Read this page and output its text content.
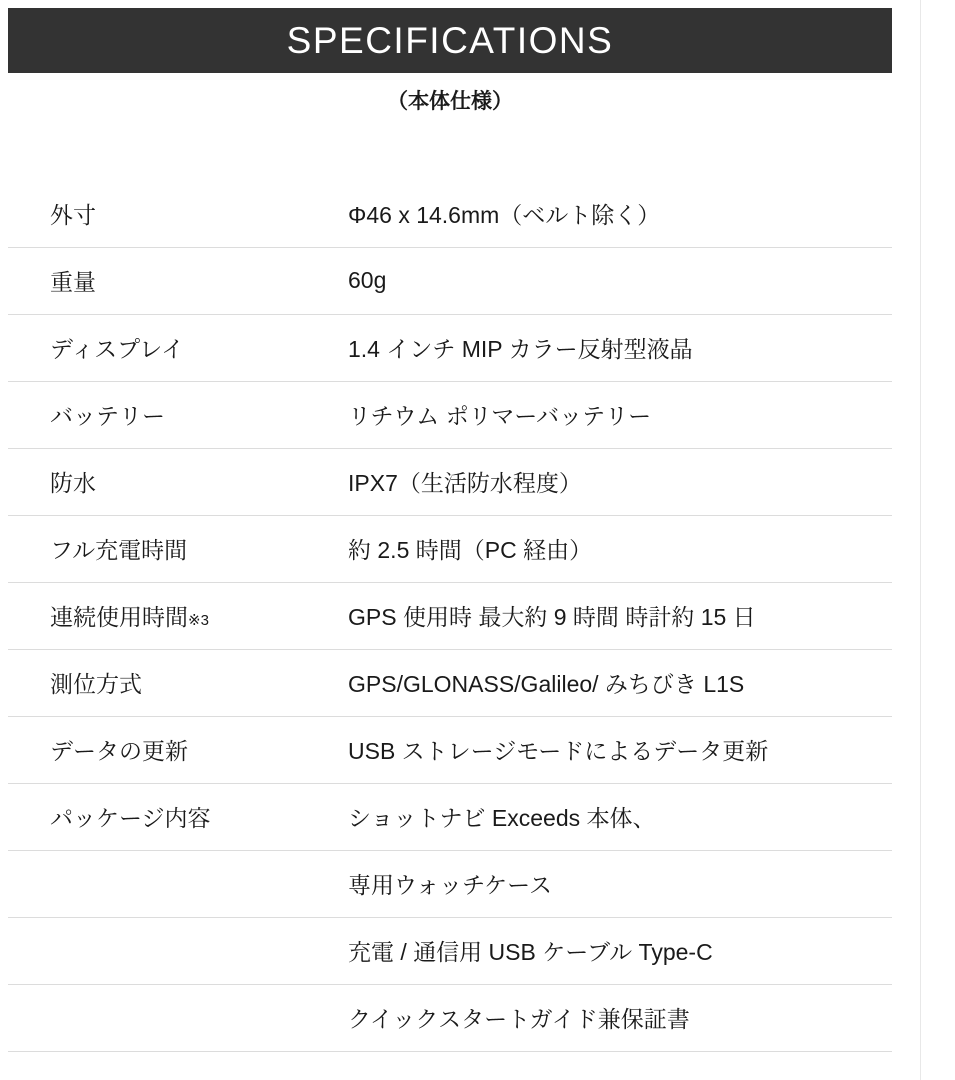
SPECIFICATIONS
（本体仕様）
外寸	Φ46 x 14.6mm（ベルト除く）
重量	60g
ディスプレイ	1.4 インチ MIP カラー反射型液晶
バッテリー	リチウム ポリマーバッテリー
防水	IPX7（生活防水程度）
フル充電時間	約 2.5 時間（PC 経由）
連続使用時間※3	GPS 使用時 最大約 9 時間 時計約 15 日
測位方式	GPS/GLONASS/Galileo/ みちびき L1S
データの更新	USB ストレージモードによるデータ更新
パッケージ内容	ショットナビ Exceeds 本体、
	専用ウォッチケース
	充電 / 通信用 USB ケーブル Type-C
	クイックスタートガイド兼保証書
